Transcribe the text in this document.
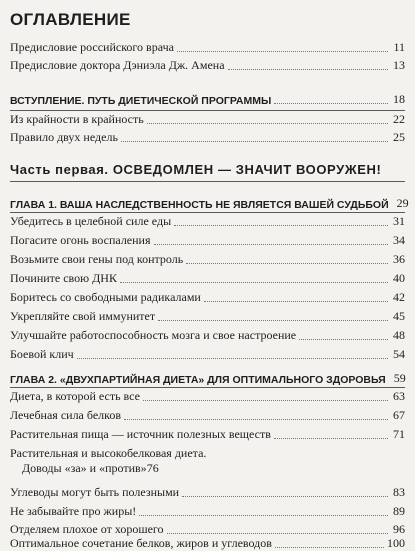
ОГЛАВЛЕНИЕ
Предисловие российского врача	11
Предисловие доктора Дэниэла Дж. Амена	13
ВСТУПЛЕНИЕ. ПУТЬ ДИЕТИЧЕСКОЙ ПРОГРАММЫ	18
Из крайности в крайность	22
Правило двух недель	25
Часть первая. ОСВЕДОМЛЕН — ЗНАЧИТ ВООРУЖЕН!
ГЛАВА 1. ВАША НАСЛЕДСТВЕННОСТЬ НЕ ЯВЛЯЕТСЯ ВАШЕЙ СУДЬБОЙ 29
Убедитесь в целебной силе еды	31
Погасите огонь воспаления	34
Возьмите свои гены под контроль	36
Почините свою ДНК	40
Боритесь со свободными радикалами	42
Укрепляйте свой иммунитет	45
Улучшайте работоспособность мозга и свое настроение	48
Боевой клич	54
ГЛАВА 2. «ДВУХПАРТИЙНАЯ ДИЕТА» ДЛЯ ОПТИМАЛЬНОГО ЗДОРОВЬЯ 59
Диета, в которой есть все	63
Лечебная сила белков	67
Растительная пища — источник полезных веществ	71
Растительная и высокобелковая диета.
Доводы «за» и «против» 76
Углеводы могут быть полезными	83
Не забывайте про жиры!	89
Отделяем плохое от хорошего	96
Оптимальное сочетание белков, жиров и углеводов	100
